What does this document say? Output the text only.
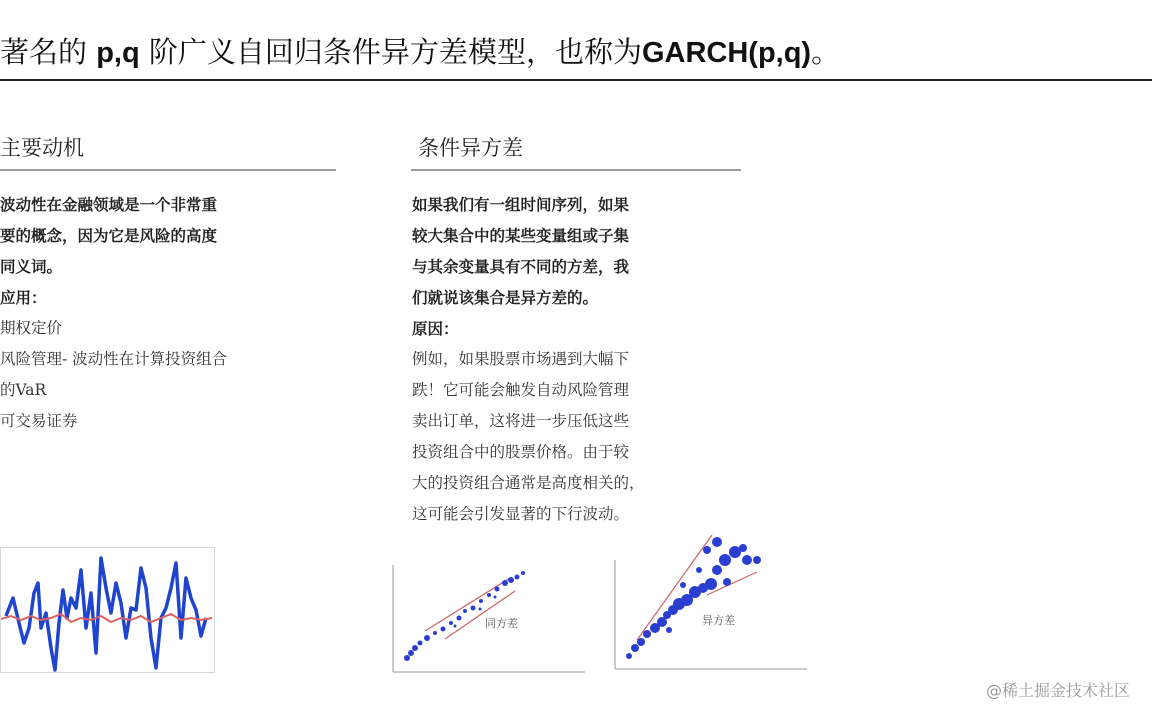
著名的 p,q 阶广义自回归条件异方差模型，也称为GARCH(p,q)。
主要动机
波动性在金融领域是一个非常重
要的概念，因为它是风险的高度
同义词。
应用：
期权定价
风险管理- 波动性在计算投资组合
的VaR
可交易证券
条件异方差
如果我们有一组时间序列，如果
较大集合中的某些变量组或子集
与其余变量具有不同的方差，我
们就说该集合是异方差的。
原因：
例如，如果股票市场遇到大幅下
跌！它可能会触发自动风险管理
卖出订单，这将进一步压低这些
投资组合中的股票价格。由于较
大的投资组合通常是高度相关的，
这可能会引发显著的下行波动。
同方差	异方差
@稀土掘金技术社区
